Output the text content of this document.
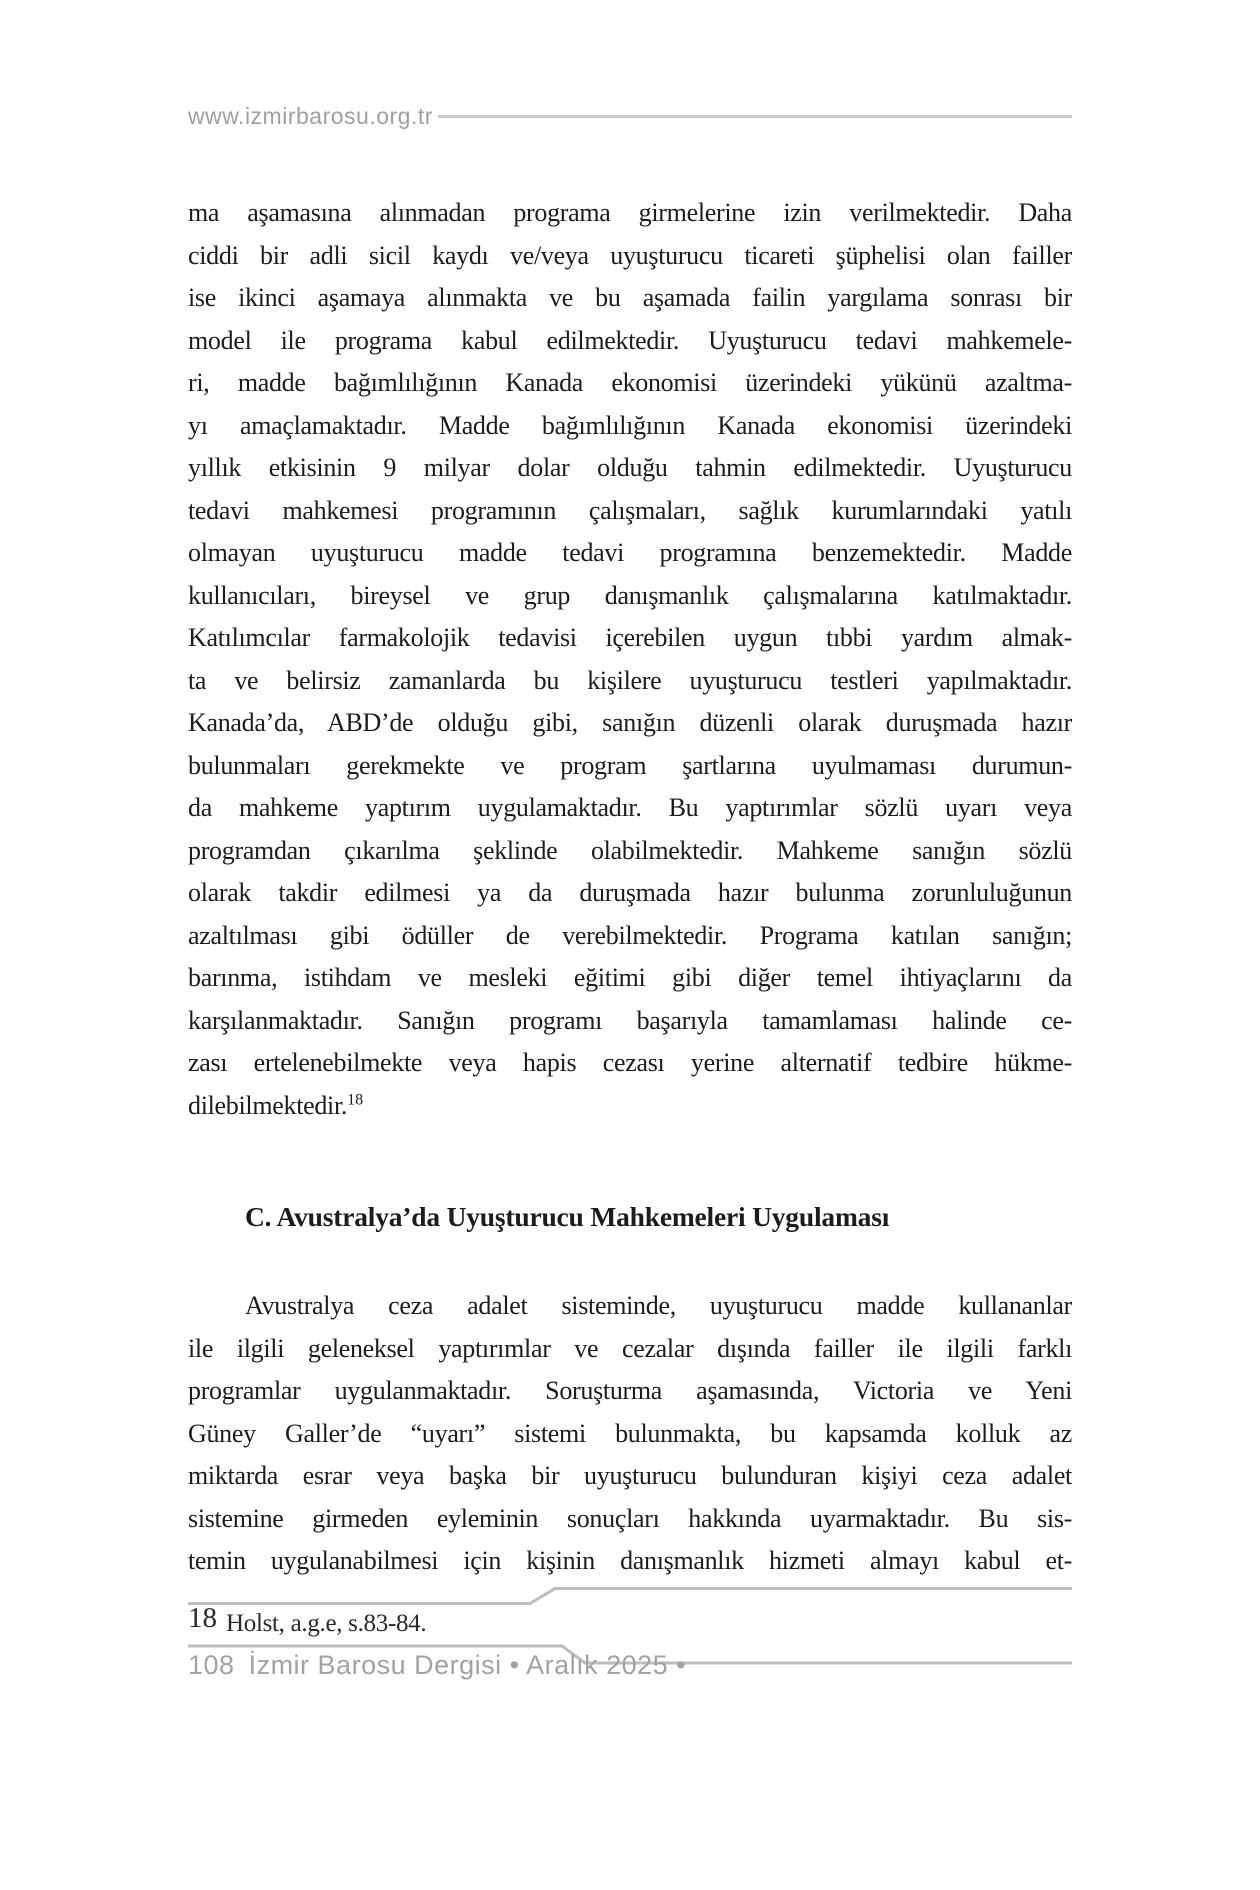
www.izmirbarosu.org.tr
ma aşamasına alınmadan programa girmelerine izin verilmektedir. Daha
ciddi bir adli sicil kaydı ve/veya uyuşturucu ticareti şüphelisi olan failler
ise ikinci aşamaya alınmakta ve bu aşamada failin yargılama sonrası bir
model ile programa kabul edilmektedir. Uyuşturucu tedavi mahkemele-
ri, madde bağımlılığının Kanada ekonomisi üzerindeki yükünü azaltma-
yı amaçlamaktadır. Madde bağımlılığının Kanada ekonomisi üzerindeki
yıllık etkisinin 9 milyar dolar olduğu tahmin edilmektedir. Uyuşturucu
tedavi mahkemesi programının çalışmaları, sağlık kurumlarındaki yatılı
olmayan uyuşturucu madde tedavi programına benzemektedir. Madde
kullanıcıları, bireysel ve grup danışmanlık çalışmalarına katılmaktadır.
Katılımcılar farmakolojik tedavisi içerebilen uygun tıbbi yardım almak-
ta ve belirsiz zamanlarda bu kişilere uyuşturucu testleri yapılmaktadır.
Kanada’da, ABD’de olduğu gibi, sanığın düzenli olarak duruşmada hazır
bulunmaları gerekmekte ve program şartlarına uyulmaması durumun-
da mahkeme yaptırım uygulamaktadır. Bu yaptırımlar sözlü uyarı veya
programdan çıkarılma şeklinde olabilmektedir. Mahkeme sanığın sözlü
olarak takdir edilmesi ya da duruşmada hazır bulunma zorunluluğunun
azaltılması gibi ödüller de verebilmektedir. Programa katılan sanığın;
barınma, istihdam ve mesleki eğitimi gibi diğer temel ihtiyaçlarını da
karşılanmaktadır. Sanığın programı başarıyla tamamlaması halinde ce-
zası ertelenebilmekte veya hapis cezası yerine alternatif tedbire hükme-
dilebilmektedir.$^{18}$
C. Avustralya’da Uyuşturucu Mahkemeleri Uygulaması
Avustralya ceza adalet sisteminde, uyuşturucu madde kullananlar
ile ilgili geleneksel yaptırımlar ve cezalar dışında failler ile ilgili farklı
programlar uygulanmaktadır. Soruşturma aşamasında, Victoria ve Yeni
Güney Galler’de “uyarı” sistemi bulunmakta, bu kapsamda kolluk az
miktarda esrar veya başka bir uyuşturucu bulunduran kişiyi ceza adalet
sistemine girmeden eyleminin sonuçları hakkında uyarmaktadır. Bu sis-
temin uygulanabilmesi için kişinin danışmanlık hizmeti almayı kabul et-
18 Holst, a.g.e, s.83-84.
108 İzmir Barosu Dergisi • Aralık 2025 •
